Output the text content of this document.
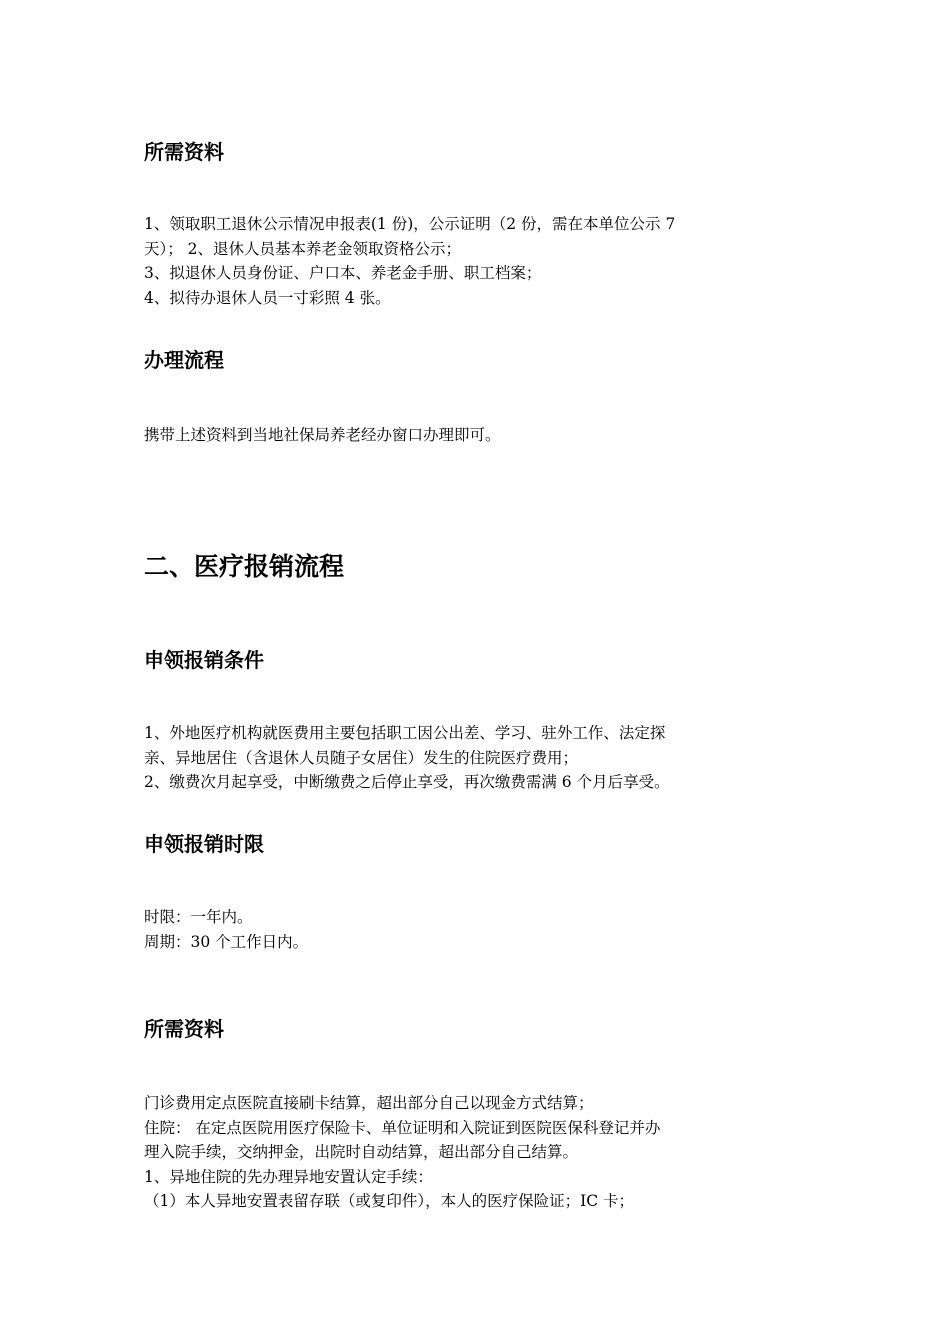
所需资料
1、领取职工退休公示情况申报表(1 份)，公示证明（2 份，需在本单位公示 7
天）； 2、退休人员基本养老金领取资格公示；
3、拟退休人员身份证、户口本、养老金手册、职工档案；
4、拟待办退休人员一寸彩照 4 张。
办理流程
携带上述资料到当地社保局养老经办窗口办理即可。
二、医疗报销流程
申领报销条件
1、外地医疗机构就医费用主要包括职工因公出差、学习、驻外工作、法定探
亲、异地居住（含退休人员随子女居住）发生的住院医疗费用；
2、缴费次月起享受，中断缴费之后停止享受，再次缴费需满 6 个月后享受。
申领报销时限
时限：一年内。
周期：30 个工作日内。
所需资料
门诊费用定点医院直接刷卡结算，超出部分自己以现金方式结算；
住院： 在定点医院用医疗保险卡、单位证明和入院证到医院医保科登记并办
理入院手续，交纳押金，出院时自动结算，超出部分自己结算。
1、异地住院的先办理异地安置认定手续：
（1）本人异地安置表留存联（或复印件），本人的医疗保险证；IC 卡；
